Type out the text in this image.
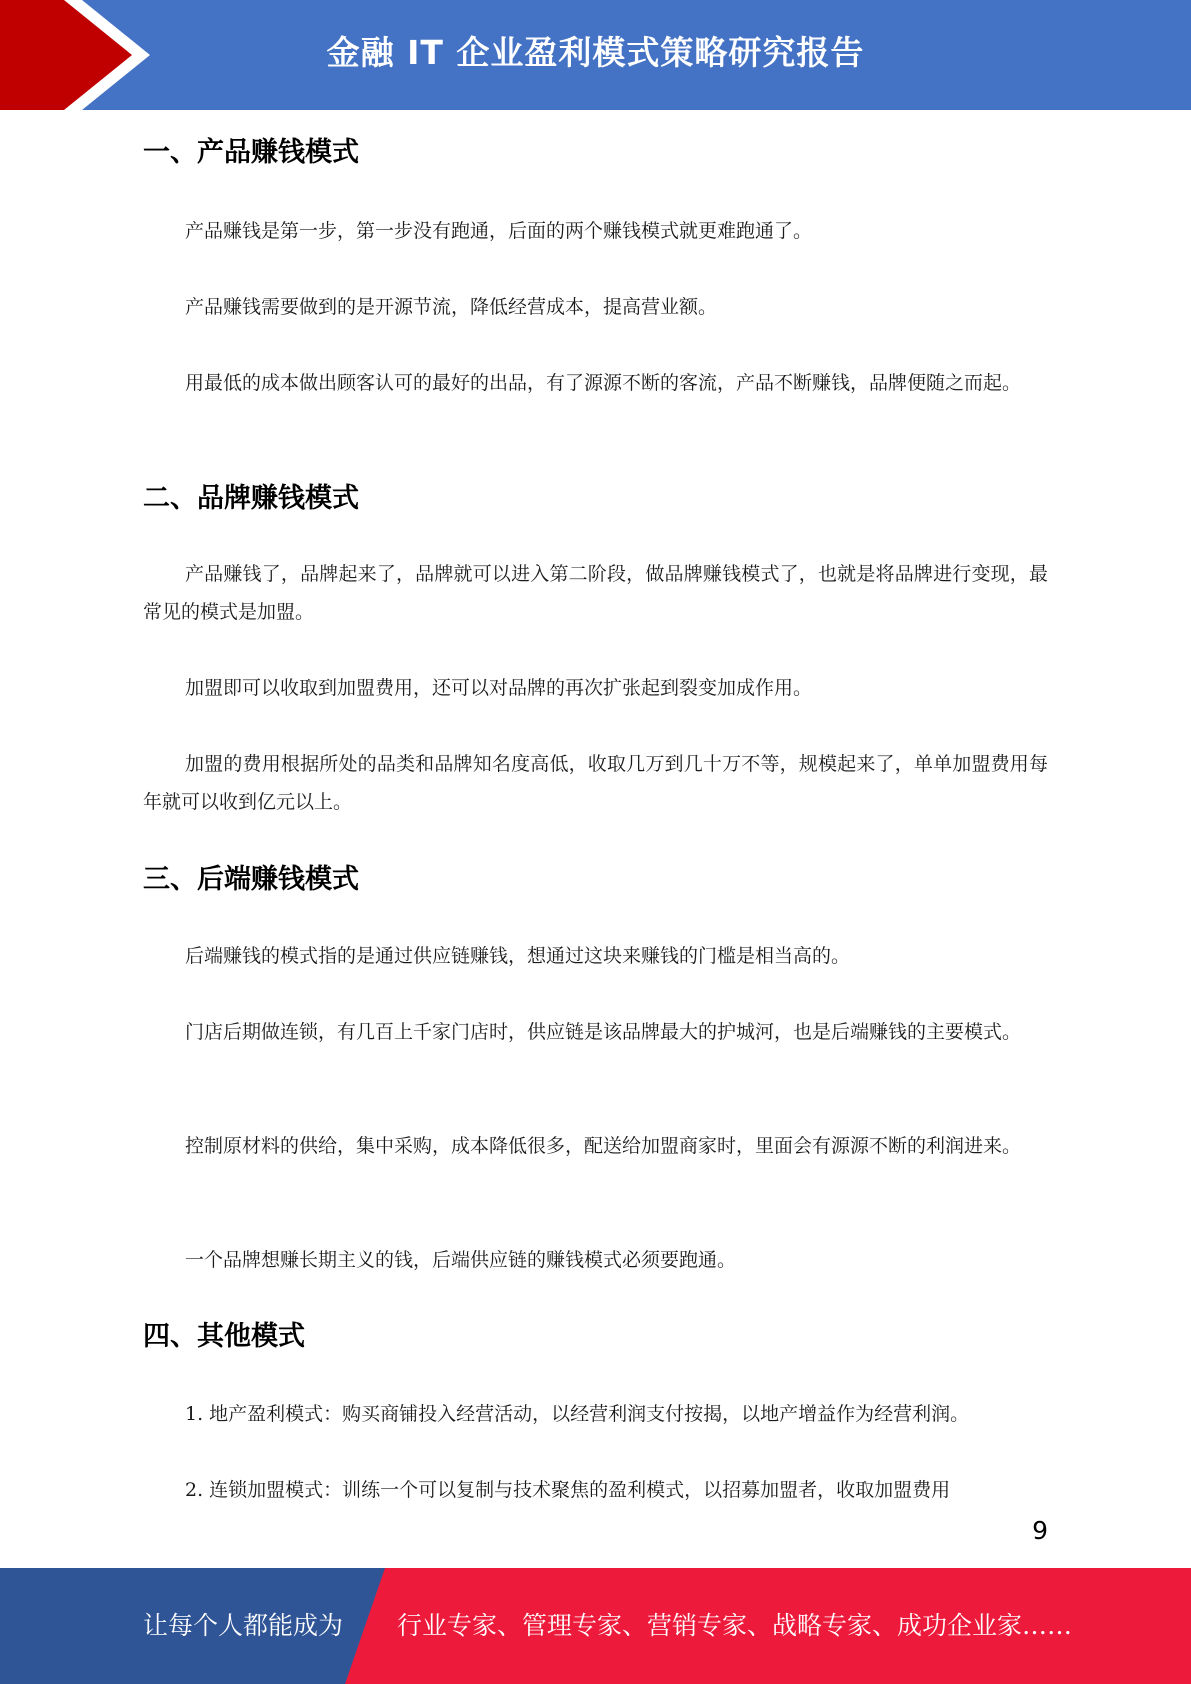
金融 IT 企业盈利模式策略研究报告
一、产品赚钱模式

产品赚钱是第一步，第一步没有跑通，后面的两个赚钱模式就更难跑通了。

产品赚钱需要做到的是开源节流，降低经营成本，提高营业额。

用最低的成本做出顾客认可的最好的出品，有了源源不断的客流，产品不断赚钱，品牌便随之而起。

二、品牌赚钱模式

产品赚钱了，品牌起来了，品牌就可以进入第二阶段，做品牌赚钱模式了，也就是将品牌进行变现，最常见的模式是加盟。

加盟即可以收取到加盟费用，还可以对品牌的再次扩张起到裂变加成作用。

加盟的费用根据所处的品类和品牌知名度高低，收取几万到几十万不等，规模起来了，单单加盟费用每年就可以收到亿元以上。

三、后端赚钱模式

后端赚钱的模式指的是通过供应链赚钱，想通过这块来赚钱的门槛是相当高的。

门店后期做连锁，有几百上千家门店时，供应链是该品牌最大的护城河，也是后端赚钱的主要模式。

控制原材料的供给，集中采购，成本降低很多，配送给加盟商家时，里面会有源源不断的利润进来。

一个品牌想赚长期主义的钱，后端供应链的赚钱模式必须要跑通。

四、其他模式

1. 地产盈利模式：购买商铺投入经营活动，以经营利润支付按揭，以地产增益作为经营利润。

2. 连锁加盟模式：训练一个可以复制与技术聚焦的盈利模式，以招募加盟者，收取加盟费用

9
让每个人都能成为 行业专家、管理专家、营销专家、战略专家、成功企业家……
